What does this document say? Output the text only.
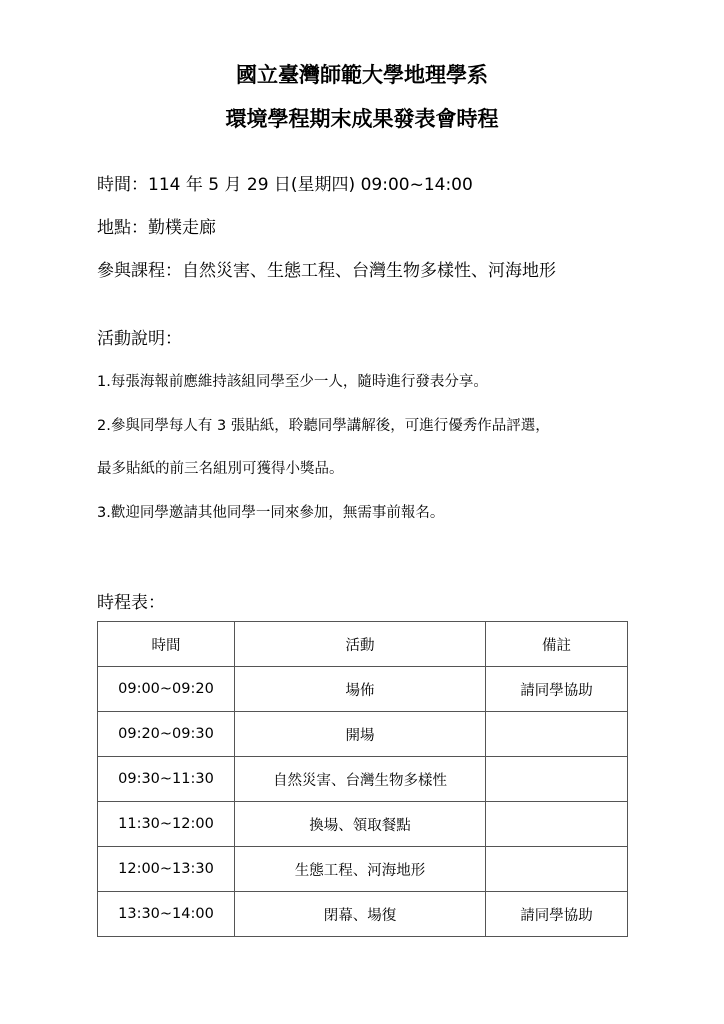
國立臺灣師範大學地理學系
環境學程期末成果發表會時程

時間：114 年 5 月 29 日(星期四) 09:00~14:00

地點：勤樸走廊

參與課程：自然災害、生態工程、台灣生物多樣性、河海地形

活動說明：

1.每張海報前應維持該組同學至少一人，隨時進行發表分享。

2.參與同學每人有 3 張貼紙，聆聽同學講解後，可進行優秀作品評選，

最多貼紙的前三名組別可獲得小獎品。

3.歡迎同學邀請其他同學一同來參加，無需事前報名。

時程表：

時間	活動	備註
09:00~09:20	場佈	請同學協助
09:20~09:30	開場	
09:30~11:30	自然災害、台灣生物多樣性	
11:30~12:00	換場、領取餐點	
12:00~13:30	生態工程、河海地形	
13:30~14:00	閉幕、場復	請同學協助
